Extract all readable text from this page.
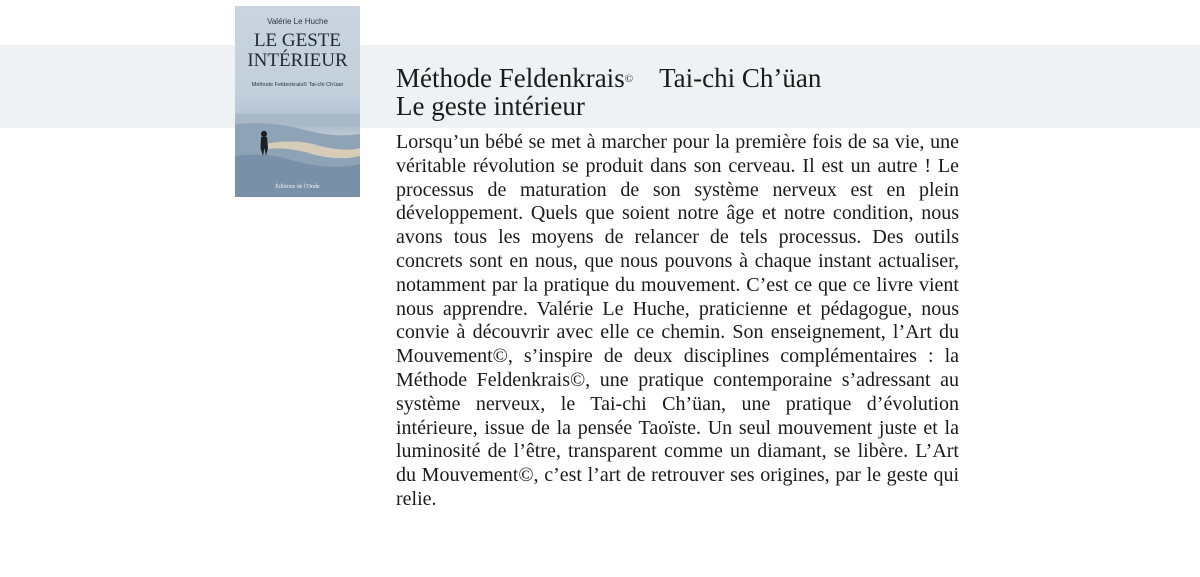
Valérie Le Huche
LE GESTE
INTÉRIEUR
Méthode Feldenkrais© Tai-chi Ch'üan
Éditions de l'Onde
Méthode Feldenkrais© Tai-chi Ch’üan
Le geste intérieur
Lorsqu’un bébé se met à marcher pour la première fois de sa vie, une véritable révolution se produit dans son cerveau. Il est un autre ! Le processus de maturation de son système nerveux est en plein développement. Quels que soient notre âge et notre condition, nous avons tous les moyens de relancer de tels processus. Des outils concrets sont en nous, que nous pouvons à chaque instant actualiser, notamment par la pratique du mouvement. C’est ce que ce livre vient nous apprendre. Valérie Le Huche, praticienne et pédagogue, nous convie à découvrir avec elle ce chemin. Son enseignement, l’Art du Mouvement©, s’inspire de deux disciplines complémentaires : la Méthode Feldenkrais©, une pratique contemporaine s’adressant au système nerveux, le Tai-chi Ch’üan, une pratique d’évolution intérieure, issue de la pensée Taoïste. Un seul mouvement juste et la luminosité de l’être, transparent comme un diamant, se libère. L’Art du Mouvement©, c’est l’art de retrouver ses origines, par le geste qui relie.
